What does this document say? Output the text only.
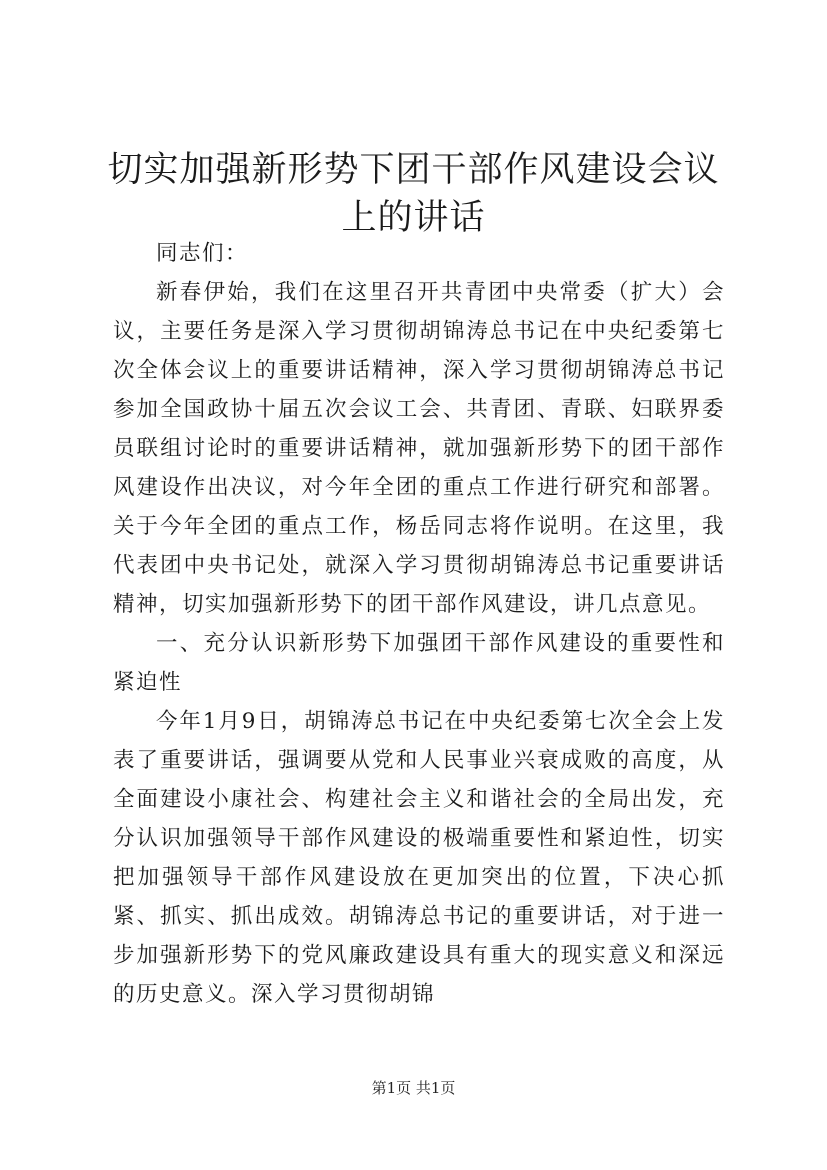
切实加强新形势下团干部作风建设会议上的讲话

同志们：

新春伊始，我们在这里召开共青团中央常委（扩大）会议，主要任务是深入学习贯彻胡锦涛总书记在中央纪委第七次全体会议上的重要讲话精神，深入学习贯彻胡锦涛总书记参加全国政协十届五次会议工会、共青团、青联、妇联界委员联组讨论时的重要讲话精神，就加强新形势下的团干部作风建设作出决议，对今年全团的重点工作进行研究和部署。关于今年全团的重点工作，杨岳同志将作说明。在这里，我代表团中央书记处，就深入学习贯彻胡锦涛总书记重要讲话精神，切实加强新形势下的团干部作风建设，讲几点意见。

一、充分认识新形势下加强团干部作风建设的重要性和紧迫性

今年1月9日，胡锦涛总书记在中央纪委第七次全会上发表了重要讲话，强调要从党和人民事业兴衰成败的高度，从全面建设小康社会、构建社会主义和谐社会的全局出发，充分认识加强领导干部作风建设的极端重要性和紧迫性，切实把加强领导干部作风建设放在更加突出的位置，下决心抓紧、抓实、抓出成效。胡锦涛总书记的重要讲话，对于进一步加强新形势下的党风廉政建设具有重大的现实意义和深远的历史意义。深入学习贯彻胡锦

第1页 共1页
